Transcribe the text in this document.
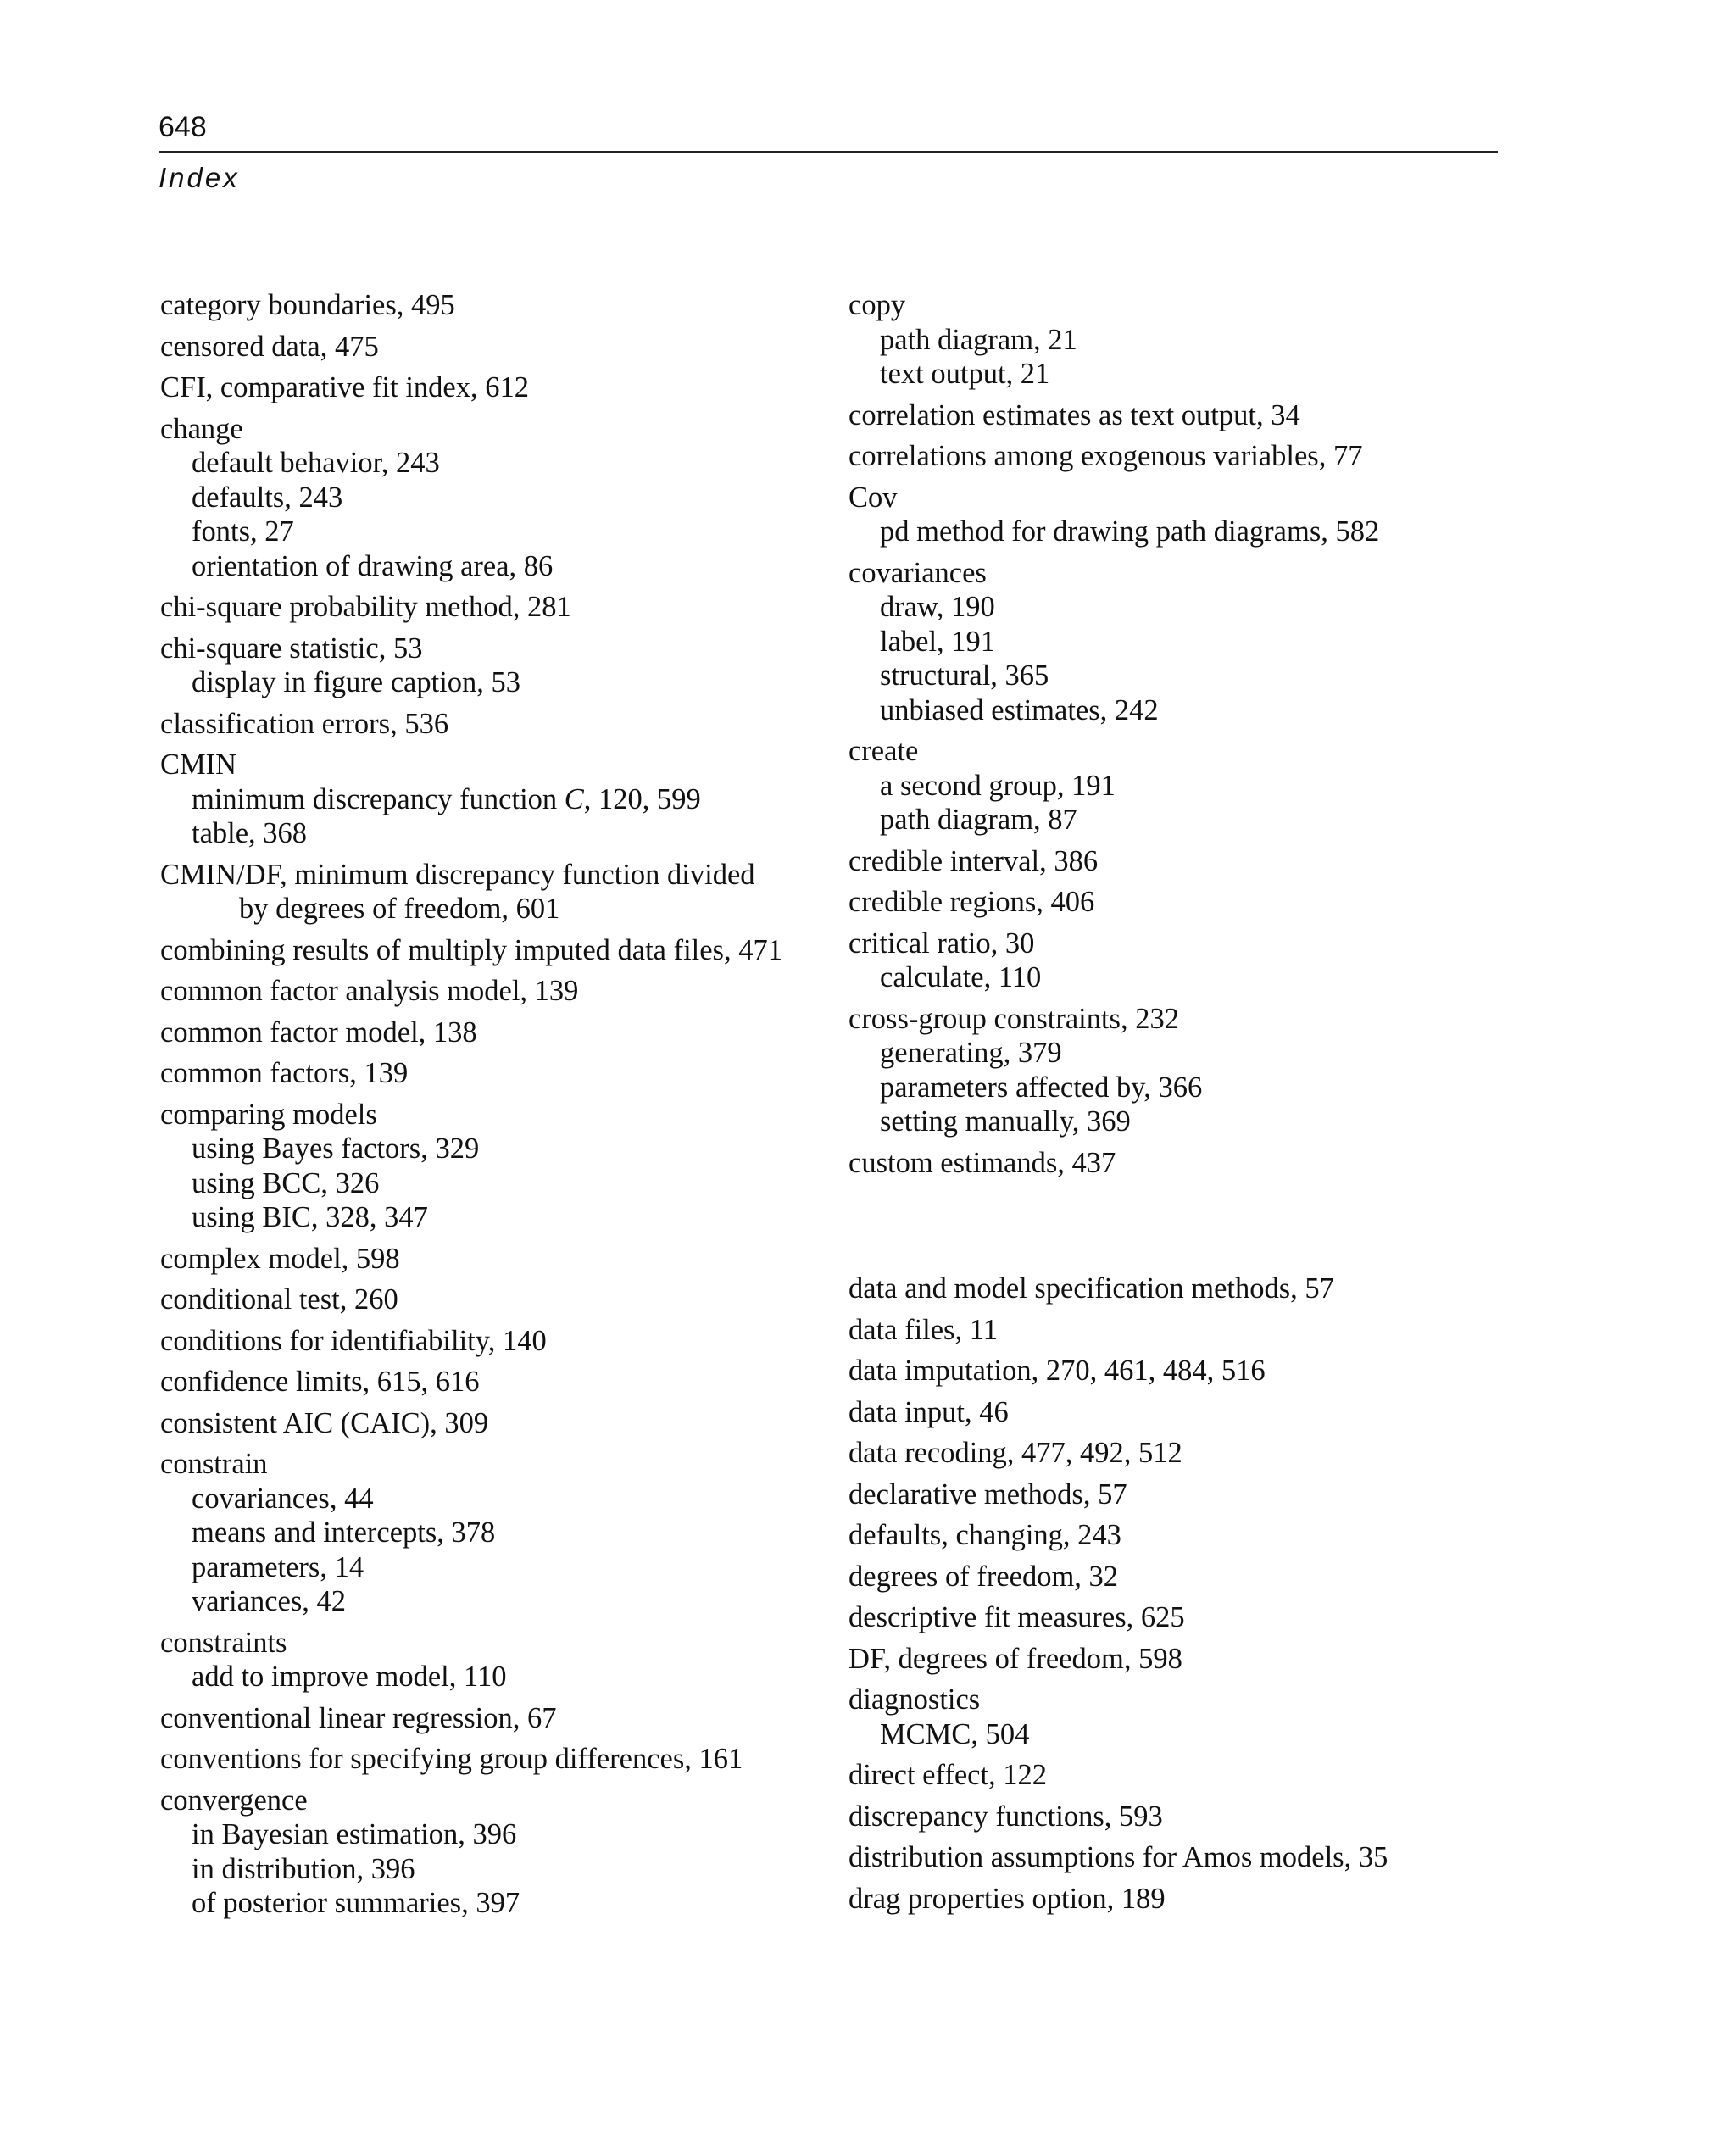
648
Index
category boundaries, 495
censored data, 475
CFI, comparative fit index, 612
change
default behavior, 243
defaults, 243
fonts, 27
orientation of drawing area, 86
chi-square probability method, 281
chi-square statistic, 53
display in figure caption, 53
classification errors, 536
CMIN
minimum discrepancy function C, 120, 599
table, 368
CMIN/DF, minimum discrepancy function divided
by degrees of freedom, 601
combining results of multiply imputed data files, 471
common factor analysis model, 139
common factor model, 138
common factors, 139
comparing models
using Bayes factors, 329
using BCC, 326
using BIC, 328, 347
complex model, 598
conditional test, 260
conditions for identifiability, 140
confidence limits, 615, 616
consistent AIC (CAIC), 309
constrain
covariances, 44
means and intercepts, 378
parameters, 14
variances, 42
constraints
add to improve model, 110
conventional linear regression, 67
conventions for specifying group differences, 161
convergence
in Bayesian estimation, 396
in distribution, 396
of posterior summaries, 397
copy
path diagram, 21
text output, 21
correlation estimates as text output, 34
correlations among exogenous variables, 77
Cov
pd method for drawing path diagrams, 582
covariances
draw, 190
label, 191
structural, 365
unbiased estimates, 242
create
a second group, 191
path diagram, 87
credible interval, 386
credible regions, 406
critical ratio, 30
calculate, 110
cross-group constraints, 232
generating, 379
parameters affected by, 366
setting manually, 369
custom estimands, 437
data and model specification methods, 57
data files, 11
data imputation, 270, 461, 484, 516
data input, 46
data recoding, 477, 492, 512
declarative methods, 57
defaults, changing, 243
degrees of freedom, 32
descriptive fit measures, 625
DF, degrees of freedom, 598
diagnostics
MCMC, 504
direct effect, 122
discrepancy functions, 593
distribution assumptions for Amos models, 35
drag properties option, 189
